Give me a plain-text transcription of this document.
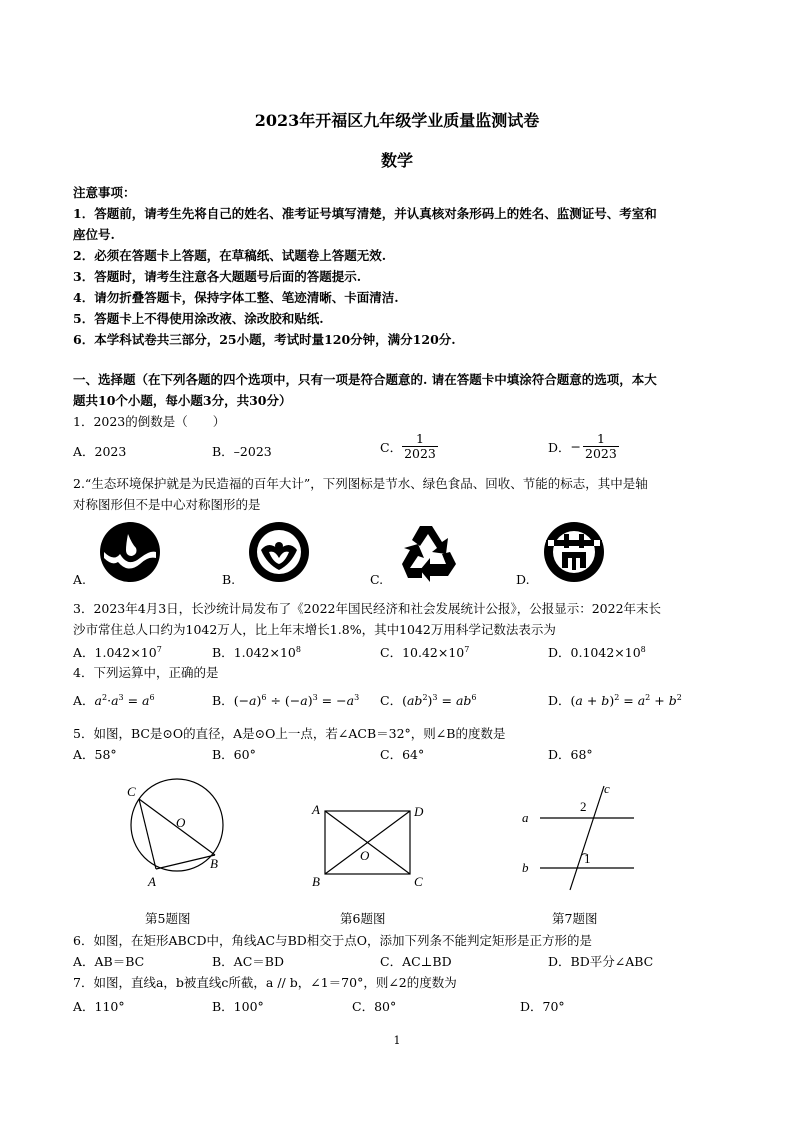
2023年开福区九年级学业质量监测试卷
数学
注意事项：
1．答题前，请考生先将自己的姓名、准考证号填写清楚，并认真核对条形码上的姓名、监测证号、考室和
座位号.
2．必须在答题卡上答题，在草稿纸、试题卷上答题无效.
3．答题时，请考生注意各大题题号后面的答题提示.
4．请勿折叠答题卡，保持字体工整、笔迹清晰、卡面清洁.
5．答题卡上不得使用涂改液、涂改胶和贴纸.
6．本学科试卷共三部分，25小题，考试时量120分钟，满分120分.
一、选择题（在下列各题的四个选项中，只有一项是符合题意的. 请在答题卡中填涂符合题意的选项，本大
题共10个小题，每小题3分，共30分）
1．2023的倒数是（　　）
A．2023	B．–2023	C． $\frac{1}{2023}$	D．− $\frac{1}{2023}$
2.“生态环境保护就是为民造福的百年大计”，下列图标是节水、绿色食品、回收、节能的标志，其中是轴
对称图形但不是中心对称图形的是
A.	B.	C.	D.
3．2023年4月3日，长沙统计局发布了《2022年国民经济和社会发展统计公报》，公报显示：2022年末长
沙市常住总人口约为1042万人，比上年末增长1.8%，其中1042万用科学记数法表示为
A．$1.042\times 10^7$	B．$1.042\times 10^8$	C．$10.42\times 10^7$	D．$0.1042\times 10^8$
4．下列运算中，正确的是
A．$a^2\cdot a^3 = a^6$	B．$(-a)^6 \div (-a)^3 = -a^3$ C．$(ab^2)^3 = ab^6$	D．$(a + b)^2 = a^2 + b^2$
5．如图，BC是⊙O的直径，A是⊙O上一点，若∠ACB＝32°，则∠B的度数是
A．58°	B．60°	C．64°	D．68°
C
O
B
A
A	D
O
B	C
c
a
b
2
1
第5题图	第6题图	第7题图
6．如图，在矩形ABCD中，角线AC与BD相交于点O，添加下列条不能判定矩形是正方形的是
A．AB＝BC	B．AC＝BD	C．AC⊥BD	D．BD平分∠ABC
7．如图，直线a，b被直线c所截，a // b，∠1＝70°，则∠2的度数为
A．110°	B．100°	C．80°	D．70°
1
